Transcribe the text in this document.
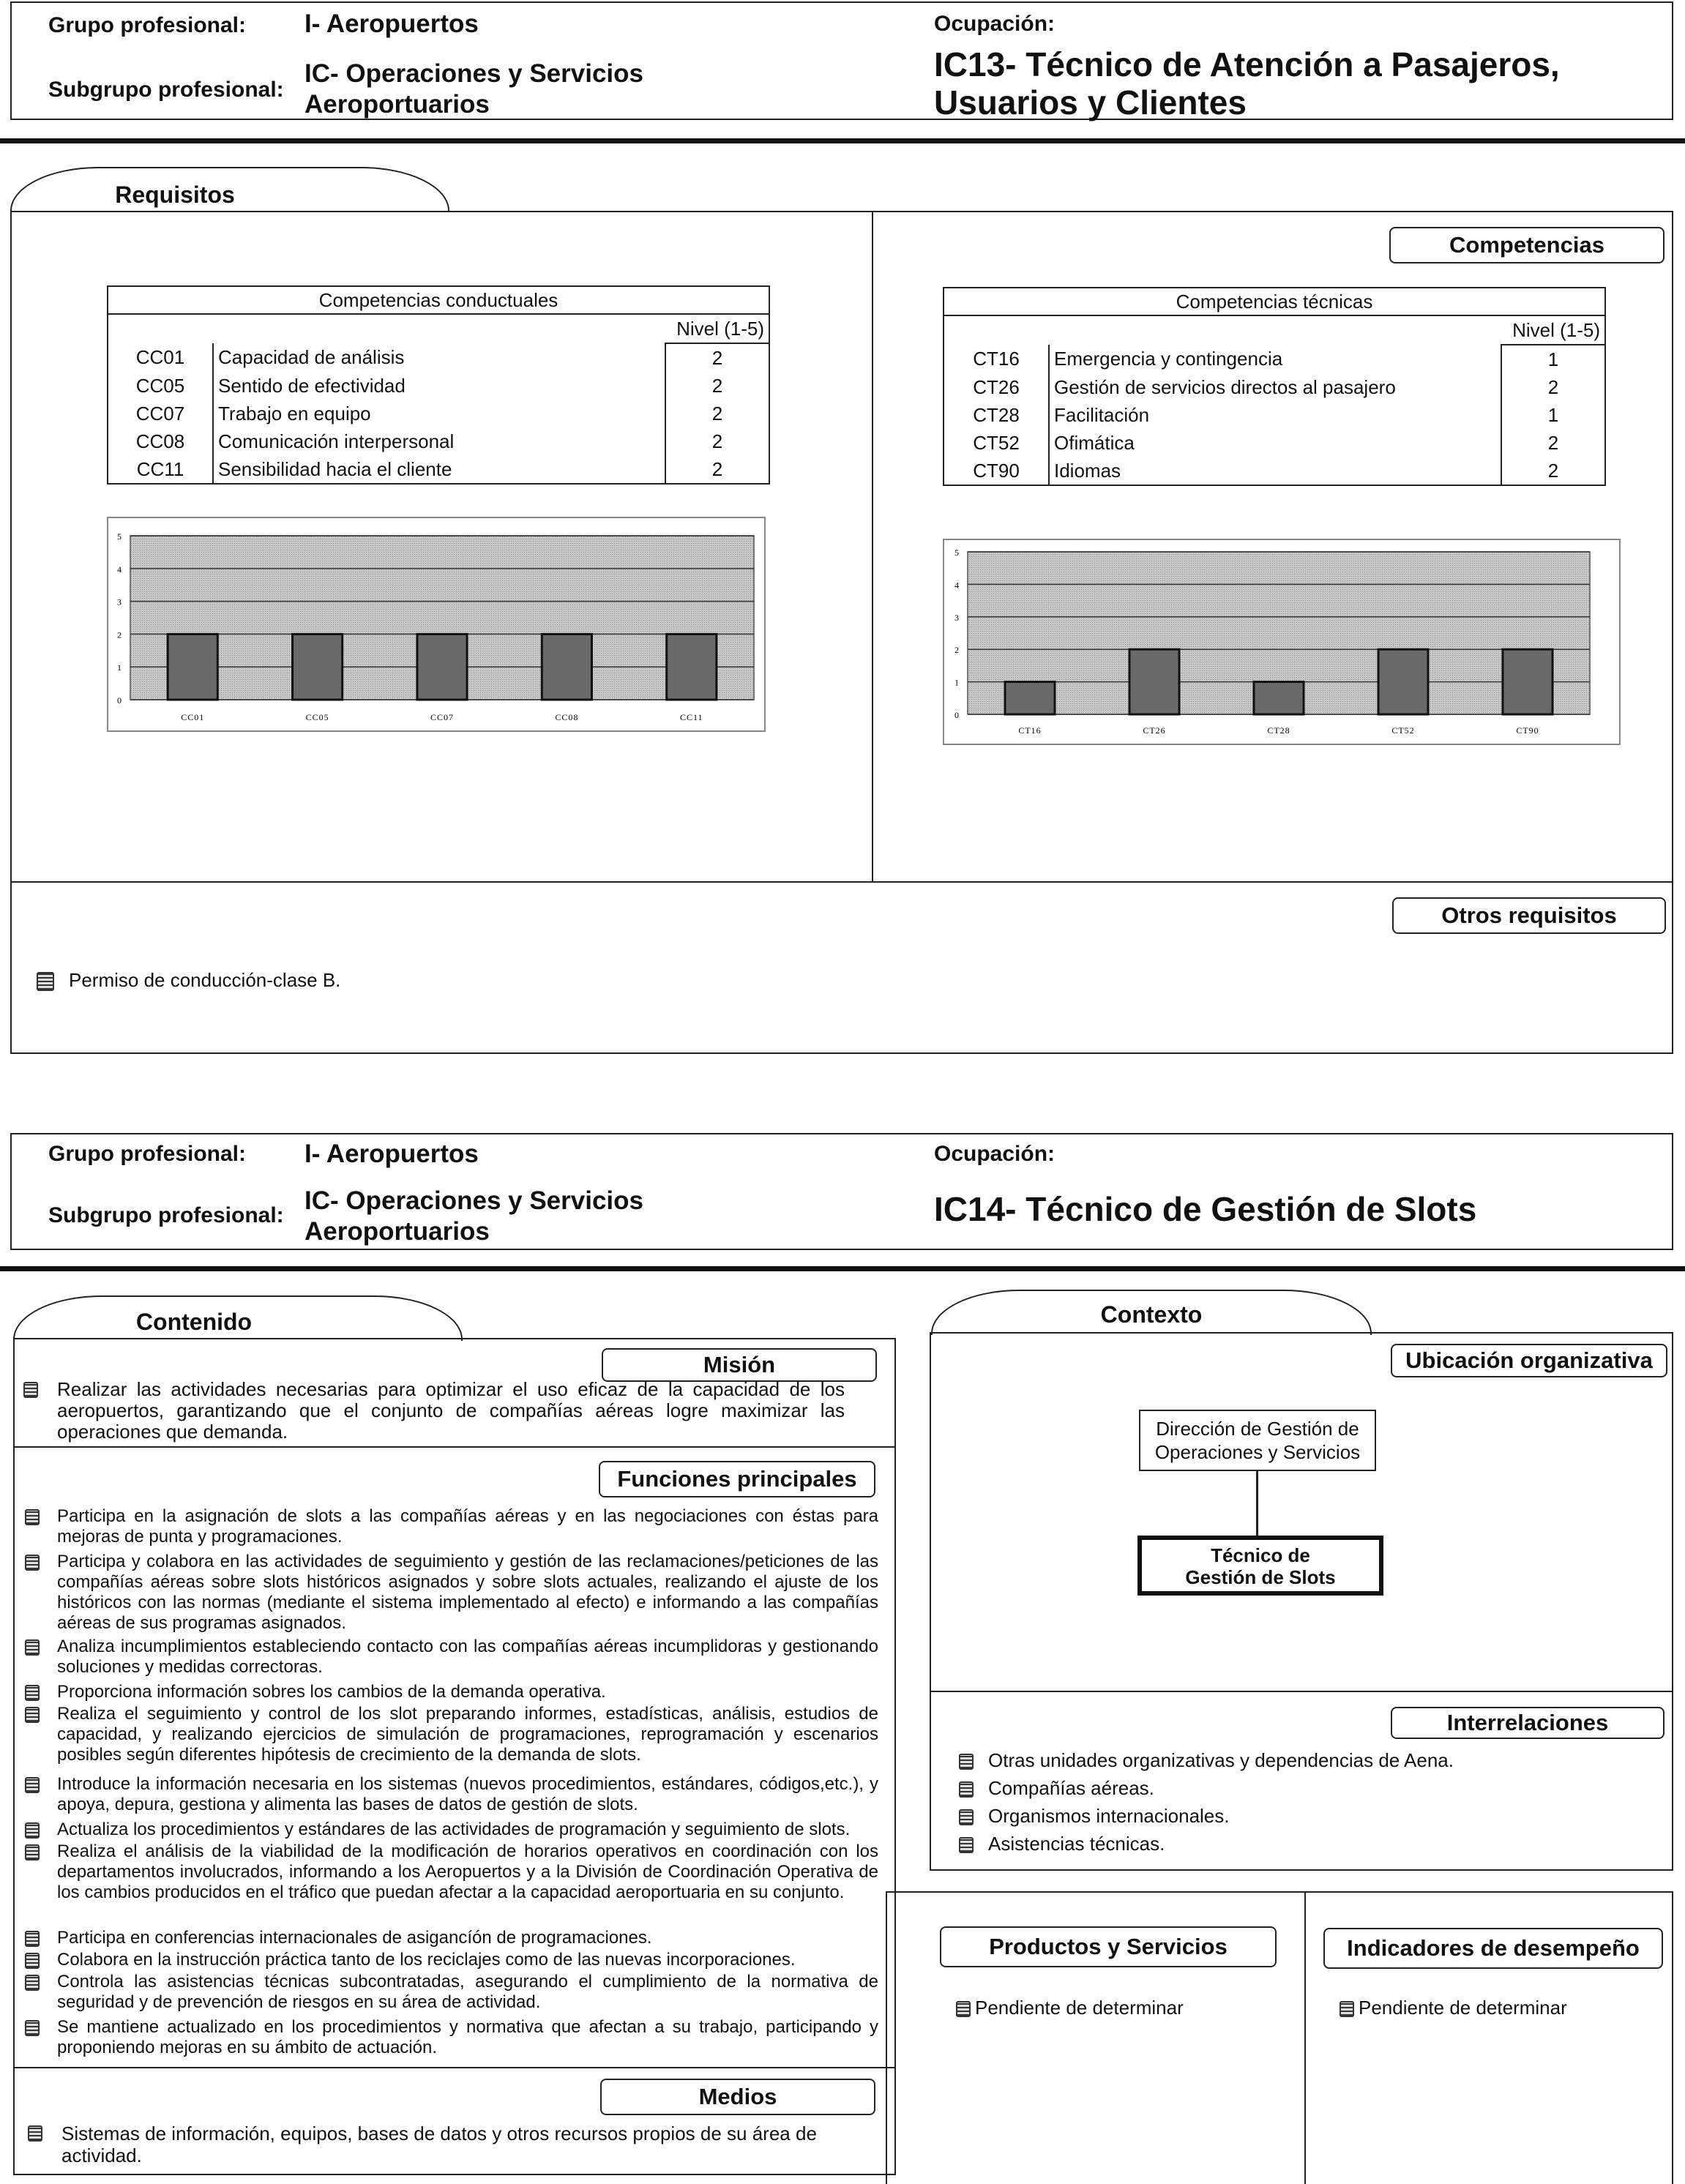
Grupo profesional: I- Aeropuertos
Subgrupo profesional:
IC- Operaciones y Servicios
Aeroportuarios
Ocupación:
IC13- Técnico de Atención a Pasajeros,
Usuarios y Clientes
Requisitos
Competencias
Competencias conductuales		
		Nivel (1-5)
CC01	Capacidad de análisis	2
CC05	Sentido de efectividad	2
CC07	Trabajo en equipo	2
CC08	Comunicación interpersonal	2
CC11	Sensibilidad hacia el cliente	2
Competencias técnicas		
		Nivel (1-5)
CT16	Emergencia y contingencia	1
CT26	Gestión de servicios directos al pasajero	2
CT28	Facilitación	1
CT52	Ofimática	2
CT90	Idiomas	2
0
1
2
3
4
5
CC01	CC05	CC07	CC08	CC11	0
1
2
3
4
5
CT16	CT26	CT28	CT52	CT90
Otros requisitos
Permiso de conducción-clase B.
Grupo profesional: I- Aeropuertos
Subgrupo profesional:
IC- Operaciones y Servicios
Aeroportuarios
Ocupación:
IC14- Técnico de Gestión de Slots
Contenido
Misión
Realizar las actividades necesarias para optimizar el uso eficaz de la capacidad de los aeropuertos, garantizando que el conjunto de compañías aéreas logre maximizar las operaciones que demanda.
Funciones principales
Participa en la asignación de slots a las compañías aéreas y en las negociaciones con éstas para mejoras de punta y programaciones.
Participa y colabora en las actividades de seguimiento y gestión de las reclamaciones/peticiones de las compañías aéreas sobre slots históricos asignados y sobre slots actuales, realizando el ajuste de los históricos con las normas (mediante el sistema implementado al efecto) e informando a las compañías aéreas de sus programas asignados.
Analiza incumplimientos estableciendo contacto con las compañías aéreas incumplidoras y gestionando soluciones y medidas correctoras.
Proporciona información sobres los cambios de la demanda operativa.
Realiza el seguimiento y control de los slot preparando informes, estadísticas, análisis, estudios de capacidad, y realizando ejercicios de simulación de programaciones, reprogramación y escenarios posibles según diferentes hipótesis de crecimiento de la demanda de slots.
Introduce la información necesaria en los sistemas (nuevos procedimientos, estándares, códigos,etc.), y apoya, depura, gestiona y alimenta las bases de datos de gestión de slots.
Actualiza los procedimientos y estándares de las actividades de programación y seguimiento de slots.
Realiza el análisis de la viabilidad de la modificación de horarios operativos en coordinación con los departamentos involucrados, informando a los Aeropuertos y a la División de Coordinación Operativa de los cambios producidos en el tráfico que puedan afectar a la capacidad aeroportuaria en su conjunto.
Participa en conferencias internacionales de asigancíón de programaciones.
Colabora en la instrucción práctica tanto de los reciclajes como de las nuevas incorporaciones.
Controla las asistencias técnicas subcontratadas, asegurando el cumplimiento de la normativa de seguridad y de prevención de riesgos en su área de actividad.
Se mantiene actualizado en los procedimientos y normativa que afectan a su trabajo, participando y proponiendo mejoras en su ámbito de actuación.
Medios
Sistemas de información, equipos, bases de datos y otros recursos propios de su área de actividad.
Contexto
Ubicación organizativa
Dirección de Gestión de
Operaciones y Servicios
Técnico de
Gestión de Slots
Interrelaciones
Otras unidades organizativas y dependencias de Aena.
Compañías aéreas.
Organismos internacionales.
Asistencias técnicas.
Productos y Servicios	Indicadores de desempeño
Pendiente de determinar	Pendiente de determinar
